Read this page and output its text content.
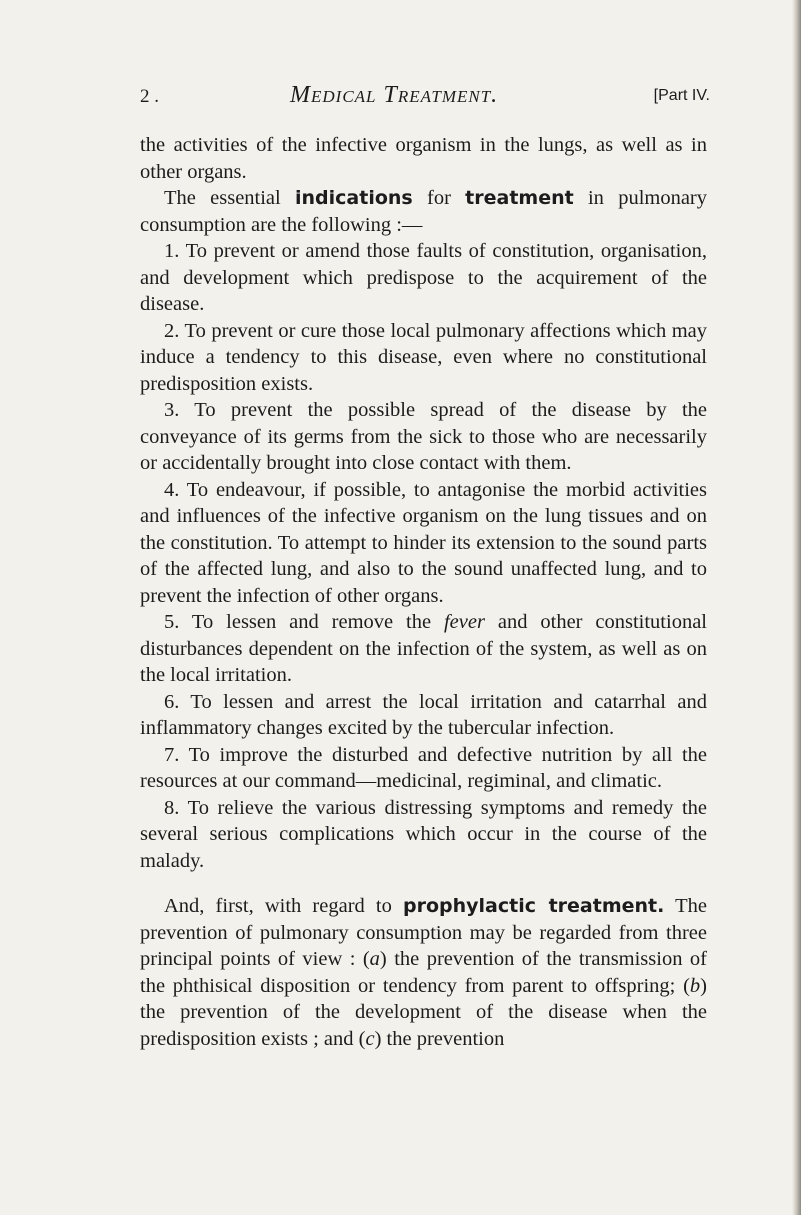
2 .	Medical Treatment.	[Part IV.

the activities of the infective organism in the lungs, as well as in other organs.

The essential indications for treatment in pulmonary consumption are the following :—

1. To prevent or amend those faults of constitution, organisation, and development which predispose to the acquirement of the disease.

2. To prevent or cure those local pulmonary affections which may induce a tendency to this disease, even where no constitutional predisposition exists.

3. To prevent the possible spread of the disease by the conveyance of its germs from the sick to those who are necessarily or accidentally brought into close contact with them.

4. To endeavour, if possible, to antagonise the morbid activities and influences of the infective organism on the lung tissues and on the constitution. To attempt to hinder its extension to the sound parts of the affected lung, and also to the sound unaffected lung, and to prevent the infection of other organs.

5. To lessen and remove the fever and other constitutional disturbances dependent on the infection of the system, as well as on the local irritation.

6. To lessen and arrest the local irritation and catarrhal and inflammatory changes excited by the tubercular infection.

7. To improve the disturbed and defective nutrition by all the resources at our command—medicinal, regiminal, and climatic.

8. To relieve the various distressing symptoms and remedy the several serious complications which occur in the course of the malady.

And, first, with regard to prophylactic treatment. The prevention of pulmonary consumption may be regarded from three principal points of view : (a) the prevention of the transmission of the phthisical disposition or tendency from parent to offspring; (b) the prevention of the development of the disease when the predisposition exists ; and (c) the prevention
